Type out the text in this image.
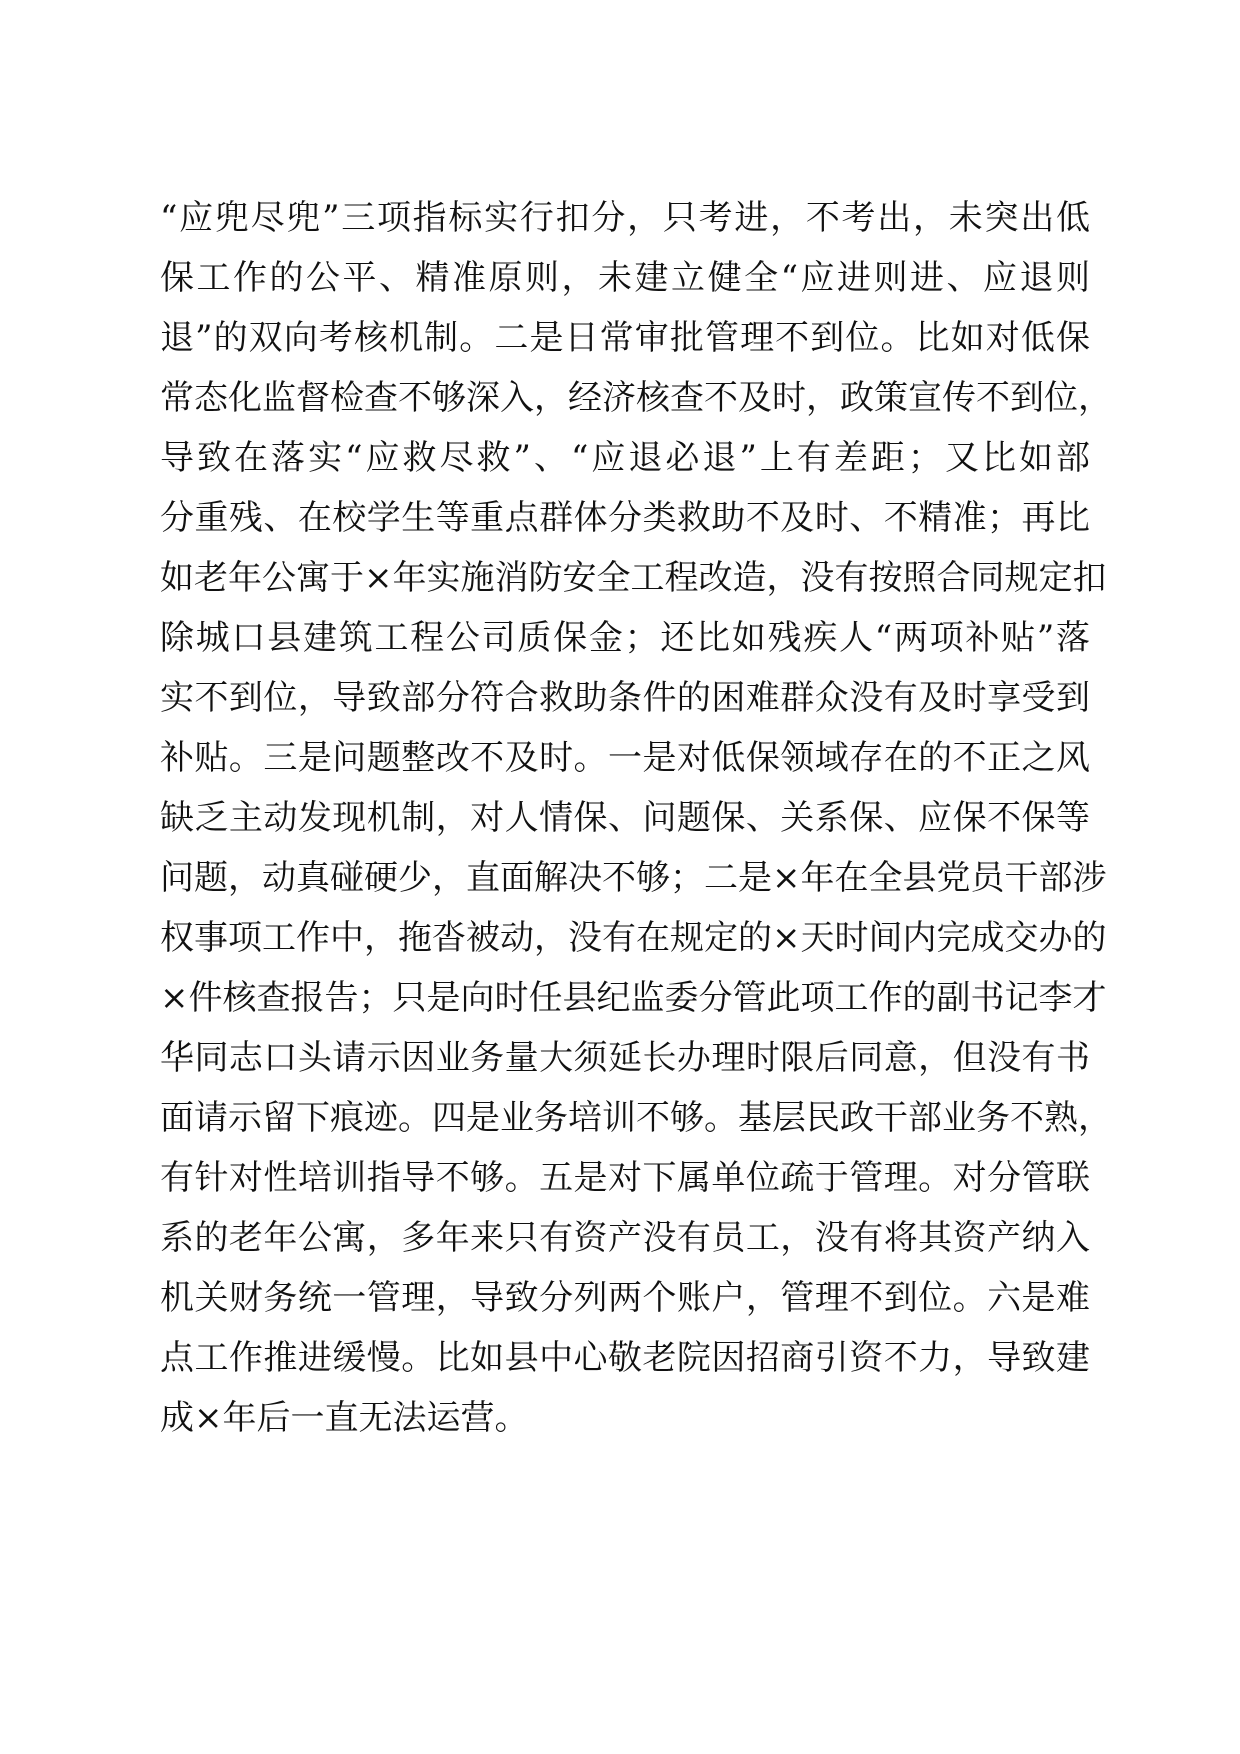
“应兜尽兜”三项指标实行扣分，只考进，不考出，未突出低
保工作的公平、精准原则，未建立健全“应进则进、应退则
退”的双向考核机制。二是日常审批管理不到位。比如对低保
常态化监督检查不够深入，经济核查不及时，政策宣传不到位，
导致在落实“应救尽救”、“应退必退”上有差距；又比如部
分重残、在校学生等重点群体分类救助不及时、不精准；再比
如老年公寓于×年实施消防安全工程改造，没有按照合同规定扣
除城口县建筑工程公司质保金；还比如残疾人“两项补贴”落
实不到位，导致部分符合救助条件的困难群众没有及时享受到
补贴。三是问题整改不及时。一是对低保领域存在的不正之风
缺乏主动发现机制，对人情保、问题保、关系保、应保不保等
问题，动真碰硬少，直面解决不够；二是×年在全县党员干部涉
权事项工作中，拖沓被动，没有在规定的×天时间内完成交办的
×件核查报告；只是向时任县纪监委分管此项工作的副书记李才
华同志口头请示因业务量大须延长办理时限后同意，但没有书
面请示留下痕迹。四是业务培训不够。基层民政干部业务不熟，
有针对性培训指导不够。五是对下属单位疏于管理。对分管联
系的老年公寓，多年来只有资产没有员工，没有将其资产纳入
机关财务统一管理，导致分列两个账户，管理不到位。六是难
点工作推进缓慢。比如县中心敬老院因招商引资不力，导致建
成×年后一直无法运营。
